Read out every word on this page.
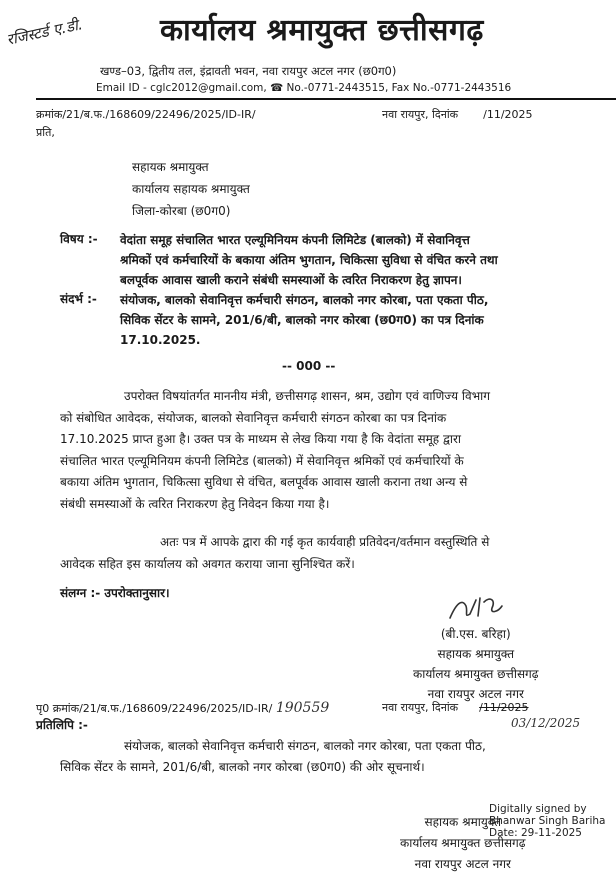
रजिस्टर्ड ए.डी.	कार्यालय श्रमायुक्त छत्तीसगढ़
खण्ड–03, द्वितीय तल, इंद्रावती भवन, नवा रायपुर अटल नगर (छ0ग0)
Email ID - cglc2012@gmail.com, ☎ No.-0771-2443515, Fax No.-0771-2443516
क्रमांक/21/ब.फ./168609/22496/2025/ID-IR/	नवा रायपुर, दिनांक /11/2025
प्रति,
सहायक श्रमायुक्त
कार्यालय सहायक श्रमायुक्त
जिला-कोरबा (छ0ग0)
विषय :- वेदांता समूह संचालित भारत एल्यूमिनियम कंपनी लिमिटेड (बालको) में सेवानिवृत्त
श्रमिकों एवं कर्मचारियों के बकाया अंतिम भुगतान, चिकित्सा सुविधा से वंचित करने तथा
बलपूर्वक आवास खाली कराने संबंधी समस्याओं के त्वरित निराकरण हेतु ज्ञापन।
संदर्भ :- संयोजक, बालको सेवानिवृत्त कर्मचारी संगठन, बालको नगर कोरबा, पता एकता पीठ,
सिविक सेंटर के सामने, 201/6/बी, बालको नगर कोरबा (छ0ग0) का पत्र दिनांक
17.10.2025.
-- 000 --
उपरोक्त विषयांतर्गत माननीय मंत्री, छत्तीसगढ़ शासन, श्रम, उद्योग एवं वाणिज्य विभाग
को संबोधित आवेदक, संयोजक, बालको सेवानिवृत्त कर्मचारी संगठन कोरबा का पत्र दिनांक
17.10.2025 प्राप्त हुआ है। उक्त पत्र के माध्यम से लेख किया गया है कि वेदांता समूह द्वारा
संचालित भारत एल्यूमिनियम कंपनी लिमिटेड (बालको) में सेवानिवृत्त श्रमिकों एवं कर्मचारियों के
बकाया अंतिम भुगतान, चिकित्सा सुविधा से वंचित, बलपूर्वक आवास खाली कराना तथा अन्य से
संबंधी समस्याओं के त्वरित निराकरण हेतु निवेदन किया गया है।
अतः पत्र में आपके द्वारा की गई कृत कार्यवाही प्रतिवेदन/वर्तमान वस्तुस्थिति से
आवेदक सहित इस कार्यालय को अवगत कराया जाना सुनिश्चित करें।
संलग्न :- उपरोक्तानुसार।
(बी.एस. बरिहा)
सहायक श्रमायुक्त
कार्यालय श्रमायुक्त छत्तीसगढ़
नवा रायपुर अटल नगर
पृ0 क्रमांक/21/ब.फ./168609/22496/2025/ID-IR/ 190559	नवा रायपुर, दिनांक /11/2025
03/12/2025
प्रतिलिपि :-
संयोजक, बालको सेवानिवृत्त कर्मचारी संगठन, बालको नगर कोरबा, पता एकता पीठ,
सिविक सेंटर के सामने, 201/6/बी, बालको नगर कोरबा (छ0ग0) की ओर सूचनार्थ।
सहायक श्रमायुक्त
कार्यालय श्रमायुक्त छत्तीसगढ़
नवा रायपुर अटल नगर
Digitally signed by
Bhanwar Singh Bariha
Date: 29-11-2025
